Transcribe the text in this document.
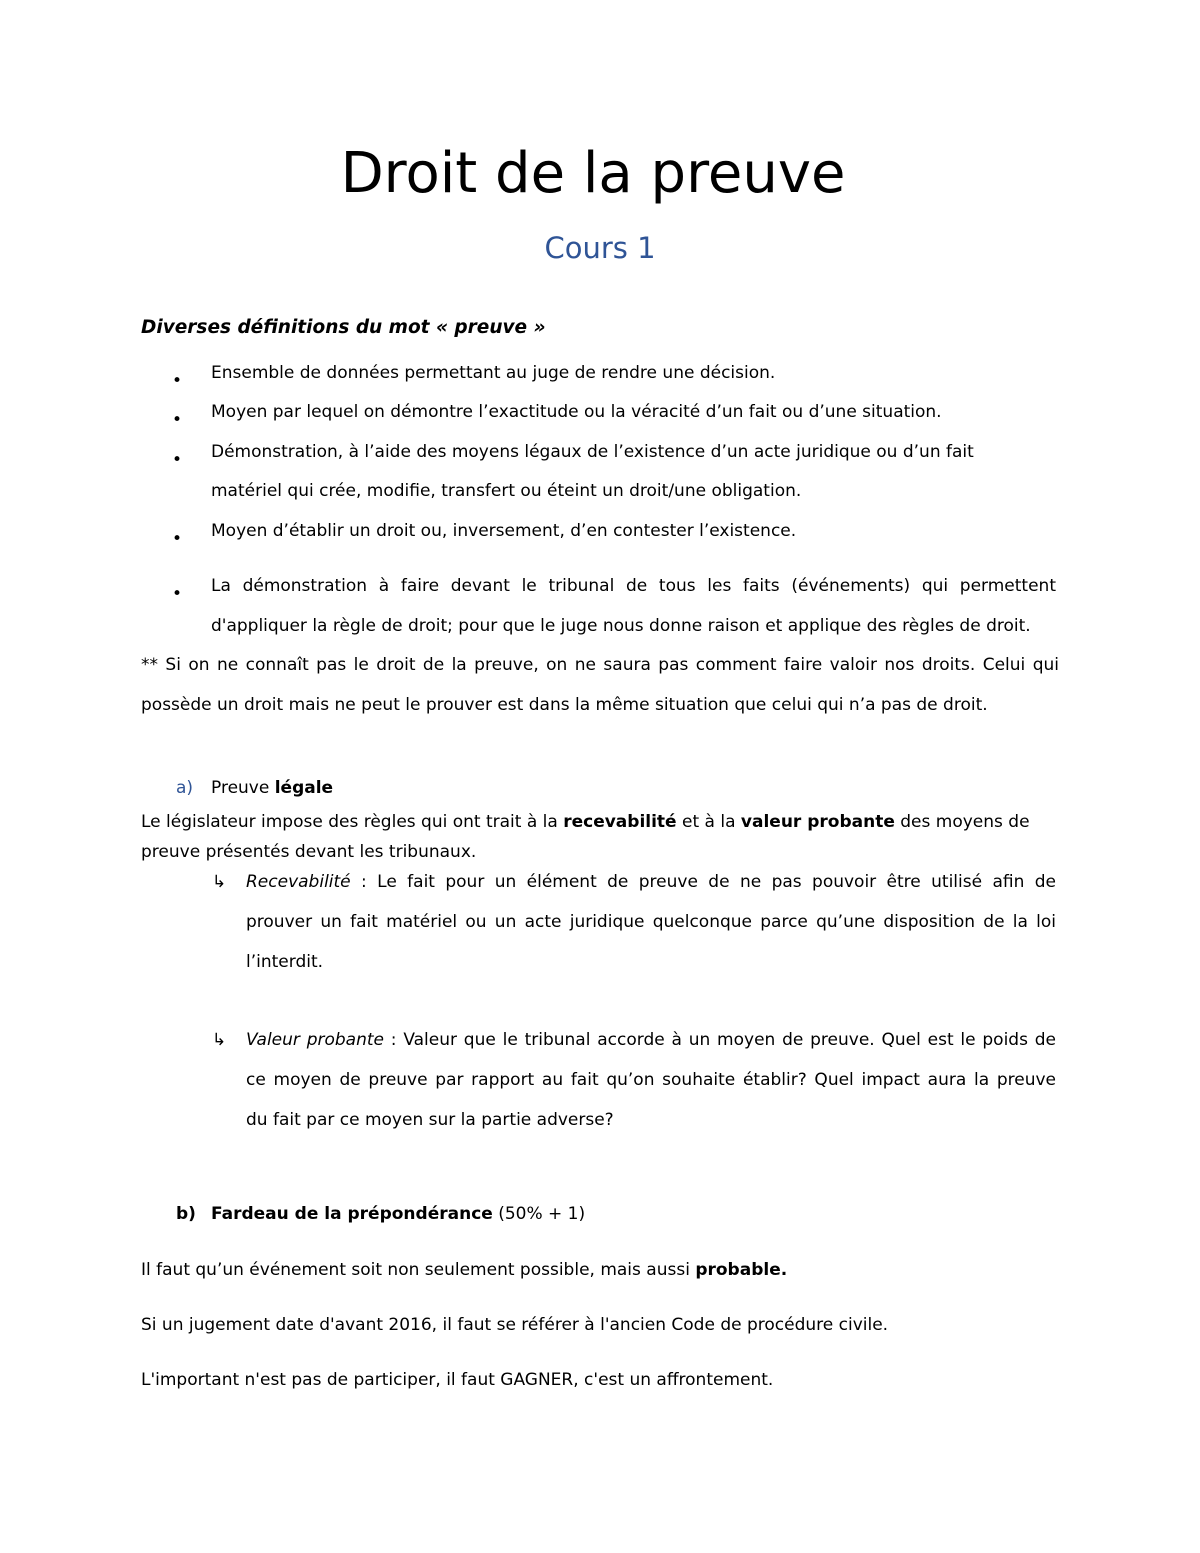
Droit de la preuve
Cours 1
Diverses définitions du mot « preuve »
• Ensemble de données permettant au juge de rendre une décision.
• Moyen par lequel on démontre l’exactitude ou la véracité d’un fait ou d’une situation.
• Démonstration, à l’aide des moyens légaux de l’existence d’un acte juridique ou d’un fait
matériel qui crée, modifie, transfert ou éteint un droit/une obligation.
• Moyen d’établir un droit ou, inversement, d’en contester l’existence.
• La démonstration à faire devant le tribunal de tous les faits (événements) qui permettent
d'appliquer la règle de droit; pour que le juge nous donne raison et applique des règles de droit.
** Si on ne connaît pas le droit de la preuve, on ne saura pas comment faire valoir nos droits. Celui qui
possède un droit mais ne peut le prouver est dans la même situation que celui qui n’a pas de droit.
a) Preuve légale
Le législateur impose des règles qui ont trait à la recevabilité et à la valeur probante des moyens de
preuve présentés devant les tribunaux.
↳ Recevabilité : Le fait pour un élément de preuve de ne pas pouvoir être utilisé afin de
prouver un fait matériel ou un acte juridique quelconque parce qu’une disposition de la loi
l’interdit.
↳ Valeur probante : Valeur que le tribunal accorde à un moyen de preuve. Quel est le poids de
ce moyen de preuve par rapport au fait qu’on souhaite établir? Quel impact aura la preuve
du fait par ce moyen sur la partie adverse?
b) Fardeau de la prépondérance (50% + 1)
Il faut qu’un événement soit non seulement possible, mais aussi probable.
Si un jugement date d'avant 2016, il faut se référer à l'ancien Code de procédure civile.
L'important n'est pas de participer, il faut GAGNER, c'est un affrontement.
